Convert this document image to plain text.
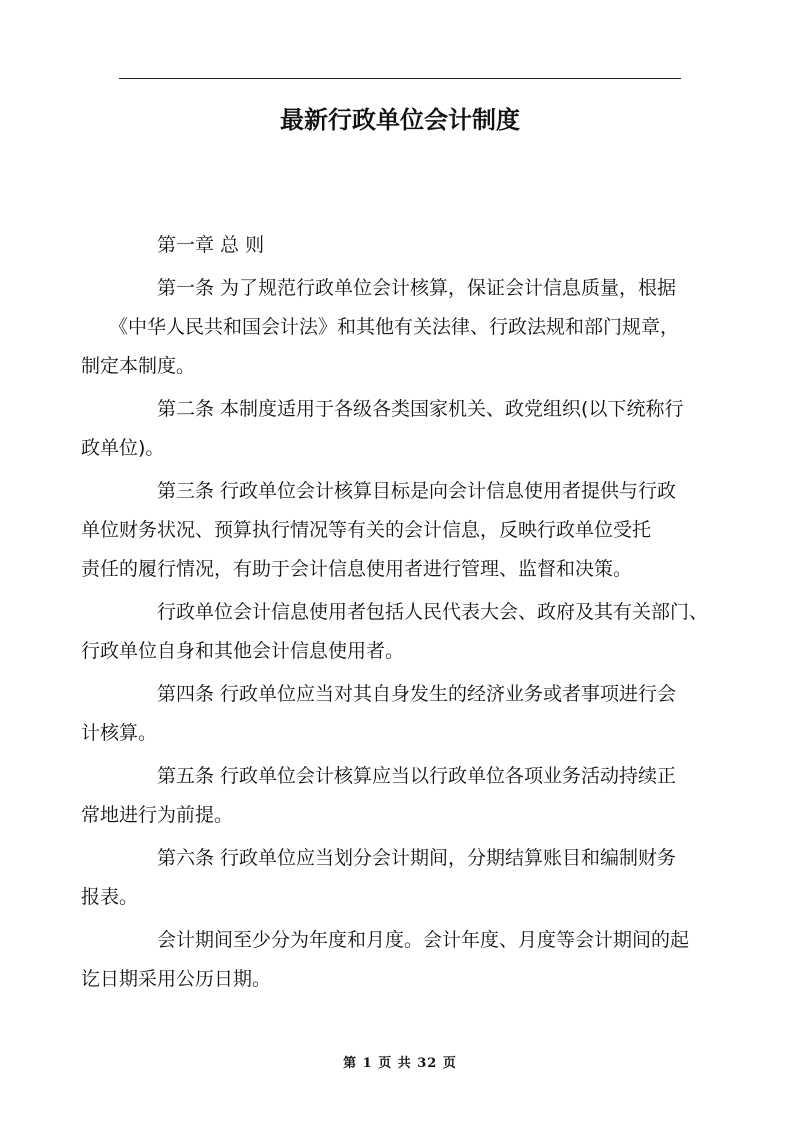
最新行政单位会计制度

第一章 总 则

第一条 为了规范行政单位会计核算，保证会计信息质量，根据
《中华人民共和国会计法》和其他有关法律、行政法规和部门规章，
制定本制度。

第二条 本制度适用于各级各类国家机关、政党组织(以下统称行
政单位)。

第三条 行政单位会计核算目标是向会计信息使用者提供与行政
单位财务状况、预算执行情况等有关的会计信息，反映行政单位受托
责任的履行情况，有助于会计信息使用者进行管理、监督和决策。

行政单位会计信息使用者包括人民代表大会、政府及其有关部门、
行政单位自身和其他会计信息使用者。

第四条 行政单位应当对其自身发生的经济业务或者事项进行会
计核算。

第五条 行政单位会计核算应当以行政单位各项业务活动持续正
常地进行为前提。

第六条 行政单位应当划分会计期间，分期结算账目和编制财务
报表。

会计期间至少分为年度和月度。会计年度、月度等会计期间的起
讫日期采用公历日期。

第 1 页 共 32 页
